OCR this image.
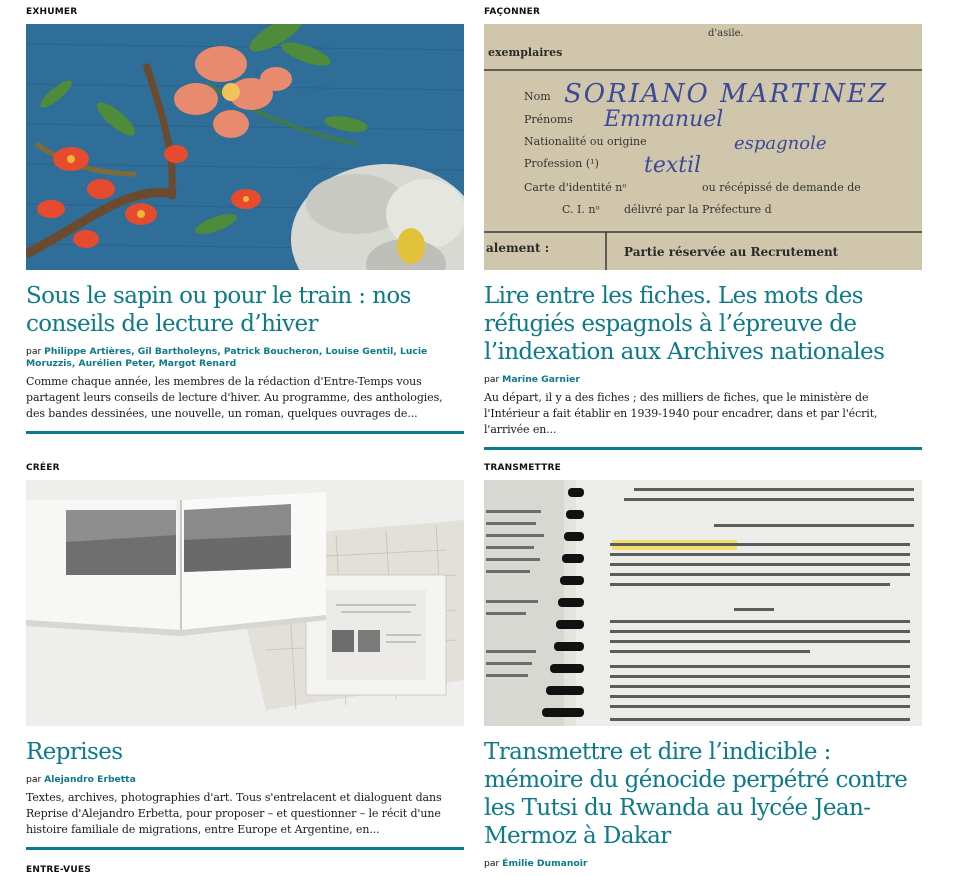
EXHUMER
Sous le sapin ou pour le train : nos conseils de lecture d’hiver
par Philippe Artières, Gil Bartholeyns, Patrick Boucheron, Louise Gentil, Lucie Moruzzis, Aurélien Peter, Margot Renard

Comme chaque année, les membres de la rédaction d'Entre-Temps vous partagent leurs conseils de lecture d'hiver. Au programme, des anthologies, des bandes dessinées, une nouvelle, un roman, quelques ouvrages de...

FAÇONNER
d'asile.
exemplaires
Nom SORIANO MARTINEZ
Prénoms Emmanuel
Nationalité ou origine	espagnole
Profession (¹) textil
Carte d'identité nᵒ	ou récépissé de demande de
C. I. nᵒ délivré par la Préfecture d
alement :	Partie réservée au Recrutement
Lire entre les fiches. Les mots des réfugiés espagnols à l’épreuve de l’indexation aux Archives nationales
par Marine Garnier

Au départ, il y a des fiches ; des milliers de fiches, que le ministère de l'Intérieur a fait établir en 1939-1940 pour encadrer, dans et par l'écrit, l'arrivée en...

CRÉER
Reprises
par Alejandro Erbetta

Textes, archives, photographies d'art. Tous s'entrelacent et dialoguent dans Reprise d'Alejandro Erbetta, pour proposer – et questionner – le récit d'une histoire familiale de migrations, entre Europe et Argentine, en...

TRANSMETTRE
Transmettre et dire l’indicible : mémoire du génocide perpétré contre les Tutsi du Rwanda au lycée Jean-Mermoz à Dakar
par Émilie Dumanoir
ENTRE-VUES
